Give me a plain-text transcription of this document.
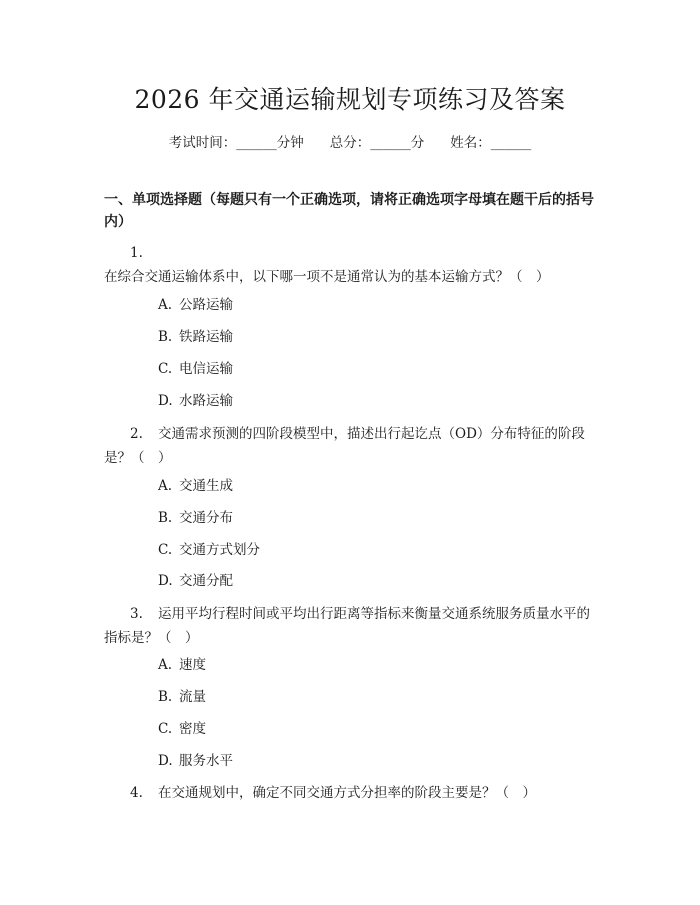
2026 年交通运输规划专项练习及答案
考试时间：______分钟 总分：______分 姓名：______
一、单项选择题（每题只有一个正确选项，请将正确选项字母填在题干后的括号内）
1.在综合交通运输体系中，以下哪一项不是通常认为的基本运输方式？（　）
A. 公路运输
B. 铁路运输
C. 电信运输
D. 水路运输
2. 交通需求预测的四阶段模型中，描述出行起讫点（OD）分布特征的阶段是？（　）
A. 交通生成
B. 交通分布
C. 交通方式划分
D. 交通分配
3. 运用平均行程时间或平均出行距离等指标来衡量交通系统服务质量水平的指标是？（　）
A. 速度
B. 流量
C. 密度
D. 服务水平
4. 在交通规划中，确定不同交通方式分担率的阶段主要是？（　）
